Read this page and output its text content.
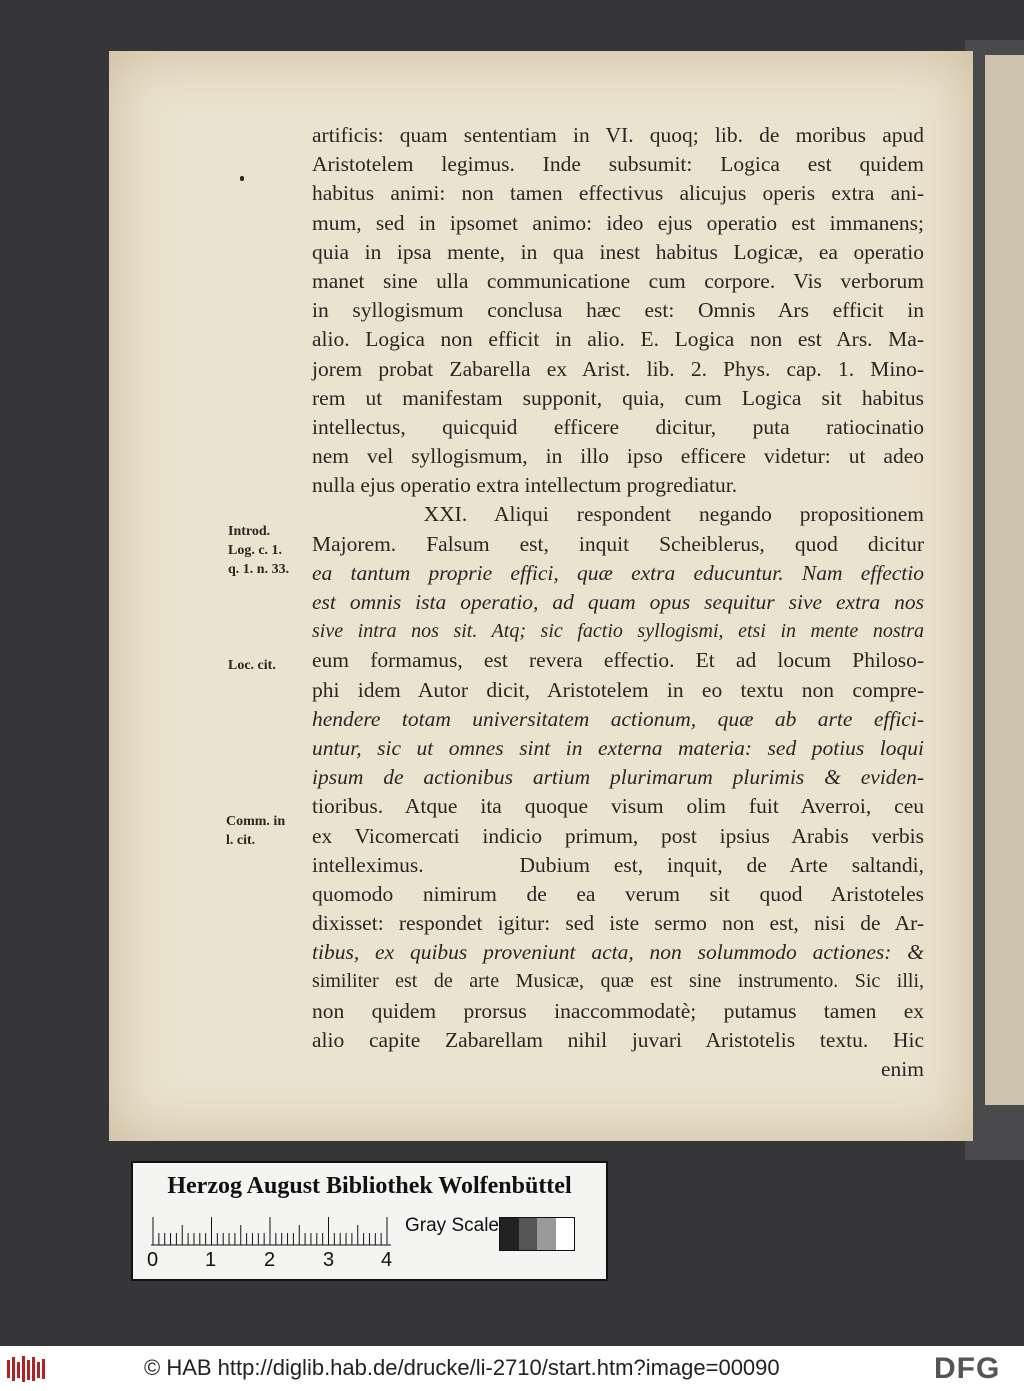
artificis: quam sententiam in VI. quoq; lib. de moribus apud
Aristotelem legimus. Inde subsumit: Logica est quidem
habitus animi: non tamen effectivus alicujus operis extra ani-
mum, sed in ipsomet animo: ideo ejus operatio est immanens;
quia in ipsa mente, in qua inest habitus Logicæ, ea operatio
manet sine ulla communicatione cum corpore. Vis verborum
in syllogismum conclusa hæc est: Omnis Ars efficit in
alio. Logica non efficit in alio. E. Logica non est Ars. Ma-
jorem probat Zabarella ex Arist. lib. 2. Phys. cap. 1. Mino-
rem ut manifestam supponit, quia, cum Logica sit habitus
intellectus, quicquid efficere dicitur, puta ratiocinatio
nem vel syllogismum, in illo ipso efficere videtur: ut adeo
nulla ejus operatio extra intellectum progrediatur.
XXI. Aliqui respondent negando propositionem
Majorem. Falsum est, inquit Scheiblerus, quod dicitur
ea tantum proprie effici, quæ extra educuntur. Nam effectio
est omnis ista operatio, ad quam opus sequitur sive extra nos
sive intra nos sit. Atq; sic factio syllogismi, etsi in mente nostra
eum formamus, est revera effectio. Et ad locum Philoso-
phi idem Autor dicit, Aristotelem in eo textu non compre-
hendere totam universitatem actionum, quæ ab arte effici-
untur, sic ut omnes sint in externa materia: sed potius loqui
ipsum de actionibus artium plurimarum plurimis & eviden-
tioribus. Atque ita quoque visum olim fuit Averroi, ceu
ex Vicomercati indicio primum, post ipsius Arabis verbis
intelleximus.    Dubium est, inquit, de Arte saltandi,
quomodo nimirum de ea verum sit quod Aristoteles
dixisset: respondet igitur: sed iste sermo non est, nisi de Ar-
tibus, ex quibus proveniunt acta, non solummodo actiones: &
similiter est de arte Musicæ, quæ est sine instrumento. Sic illi,
non quidem prorsus inaccommodatè; putamus tamen ex
alio capite Zabarellam nihil juvari Aristotelis textu. Hic
enim
Introd.
Log. c. 1.
q. 1. n. 33.
Loc. cit.
Comm. in
l. cit.
Herzog August Bibliothek Wolfenbüttel
Gray Scale
0 1 2 3 4
© HAB http://diglib.hab.de/drucke/li-2710/start.htm?image=00090	DFG
